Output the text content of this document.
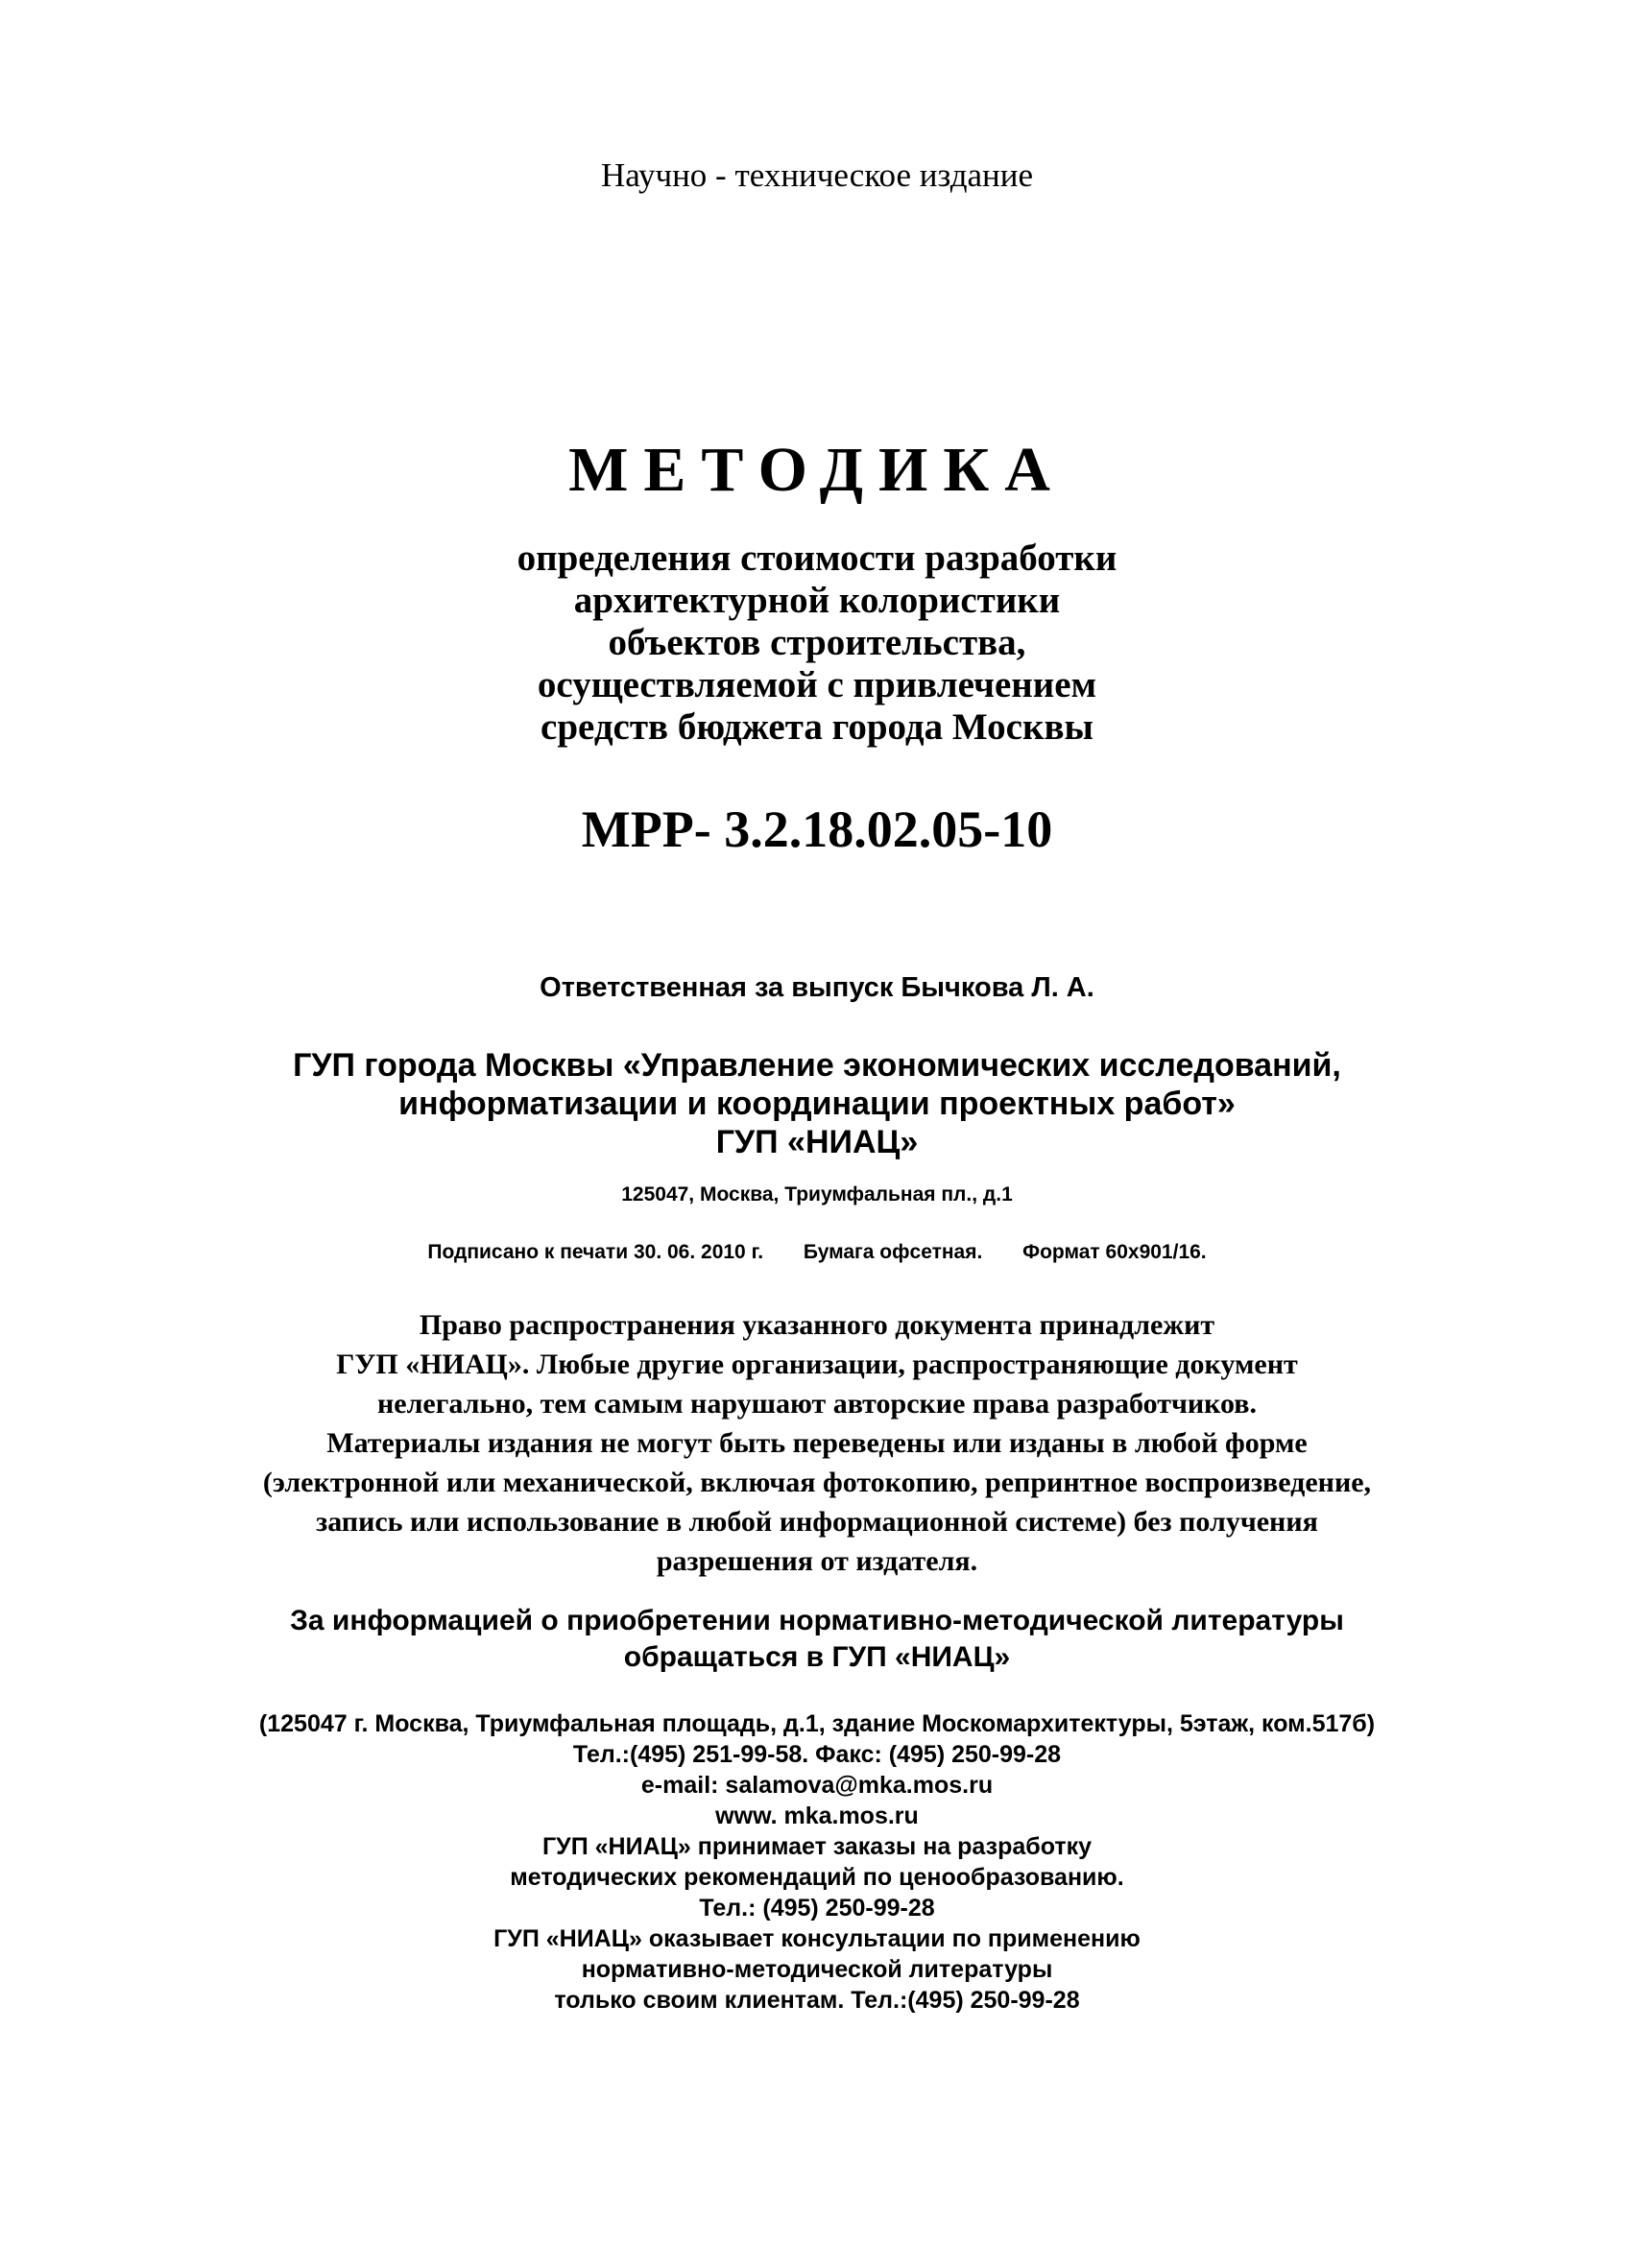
Научно - техническое издание
МЕТОДИКА
определения стоимости разработки
архитектурной колористики
объектов строительства,
осуществляемой с привлечением
средств бюджета города Москвы
МРР- 3.2.18.02.05-10
Ответственная за выпуск Бычкова Л. А.
ГУП города Москвы «Управление экономических исследований,
информатизации и координации проектных работ»
ГУП «НИАЦ»
125047, Москва, Триумфальная пл., д.1
Подписано к печати 30. 06. 2010 г. Бумага офсетная. Формат 60x901/16.
Право распространения указанного документа принадлежит
ГУП «НИАЦ». Любые другие организации, распространяющие документ
нелегально, тем самым нарушают авторские права разработчиков.
Материалы издания не могут быть переведены или изданы в любой форме
(электронной или механической, включая фотокопию, репринтное воспроизведение,
запись или использование в любой информационной системе) без получения
разрешения от издателя.
За информацией о приобретении нормативно-методической литературы
обращаться в ГУП «НИАЦ»
(125047 г. Москва, Триумфальная площадь, д.1, здание Москомархитектуры, 5этаж, ком.517б)
Тел.:(495) 251-99-58. Факс: (495) 250-99-28
e-mail: salamova@mka.mos.ru
www. mka.mos.ru
ГУП «НИАЦ» принимает заказы на разработку
методических рекомендаций по ценообразованию.
Тел.: (495) 250-99-28
ГУП «НИАЦ» оказывает консультации по применению
нормативно-методической литературы
только своим клиентам. Тел.:(495) 250-99-28
